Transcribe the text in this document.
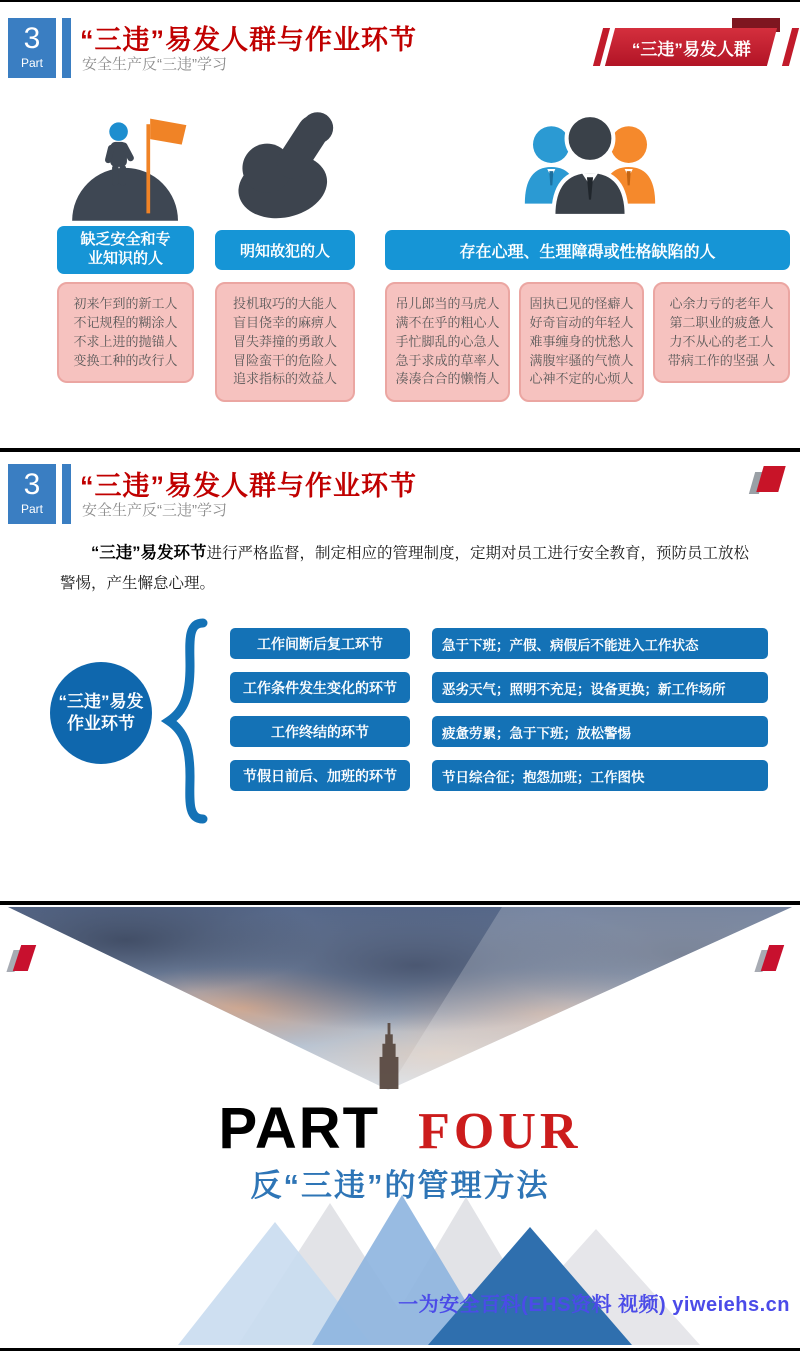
3
Part
“三违”易发人群与作业环节
安全生产反“三违”学习
“三违”易发人群
缺乏安全和专业知识的人	明知故犯的人	存在心理、生理障碍或性格缺陷的人
初来乍到的新工人
不记规程的糊涂人
不求上进的抛锚人
变换工种的改行人
投机取巧的大能人
盲目侥幸的麻痹人
冒失莽撞的勇敢人
冒险蛮干的危险人
追求指标的效益人
吊儿郎当的马虎人
满不在乎的粗心人
手忙脚乱的心急人
急于求成的草率人
凑凑合合的懒惰人
固执已见的怪癖人
好奇盲动的年轻人
难事缠身的忧愁人
满腹牢骚的气愤人
心神不定的心烦人
心余力亏的老年人
第二职业的疲惫人
力不从心的老工人
带病工作的坚强 人
3
Part
“三违”易发人群与作业环节
安全生产反“三违”学习
“三违”易发环节进行严格监督，制定相应的管理制度，定期对员工进行安全教育，预防员工放松警惕，产生懈怠心理。
“三违”易发作业环节
工作间断后复工环节
工作条件发生变化的环节
工作终结的环节
节假日前后、加班的环节
急于下班；产假、病假后不能进入工作状态
恶劣天气；照明不充足；设备更换；新工作场所
疲惫劳累；急于下班；放松警惕
节日综合征；抱怨加班；工作图快
PART FOUR
反“三违”的管理方法
一为安全百科(EHS资料 视频) yiweiehs.cn
